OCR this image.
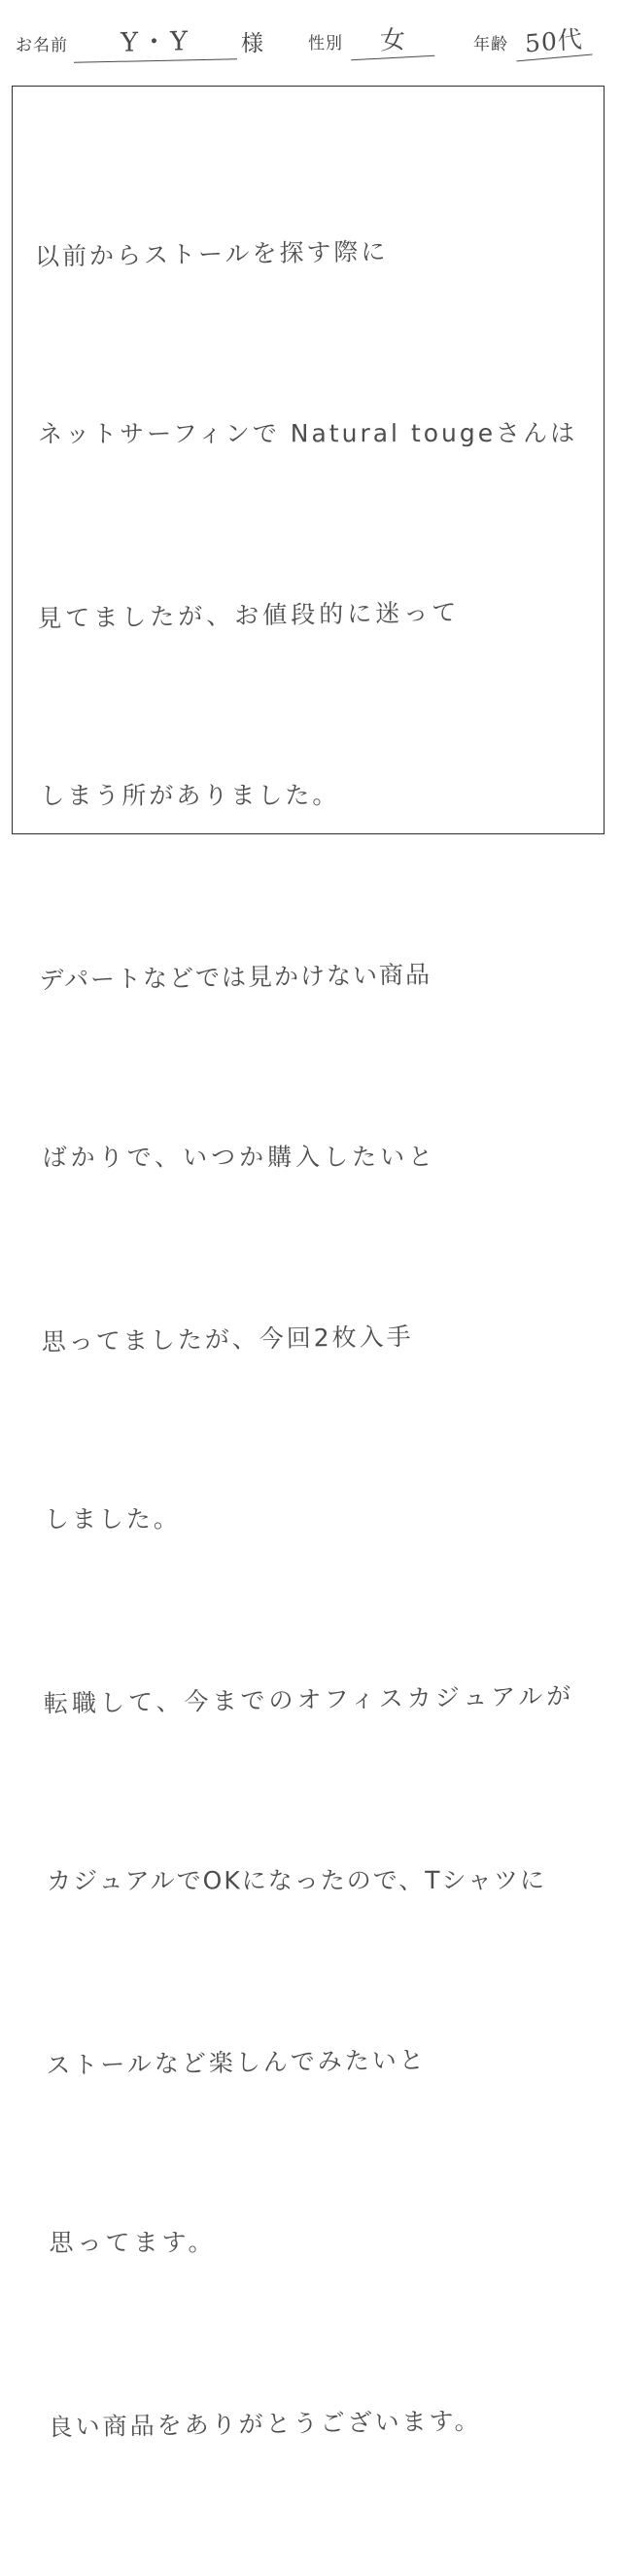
お名前	Y・Y	様	性別	女	年齢 50代

以前からストールを探す際に

ネットサーフィンで Natural tougeさんは

見てましたが、お値段的に迷って

しまう所がありました。

デパートなどでは見かけない商品

ばかりで、いつか購入したいと

思ってましたが、今回2枚入手

しました。

転職して、今までのオフィスカジュアルが

カジュアルでOKになったので、Tシャツに

ストールなど楽しんでみたいと

思ってます。

良い商品をありがとうございます。
